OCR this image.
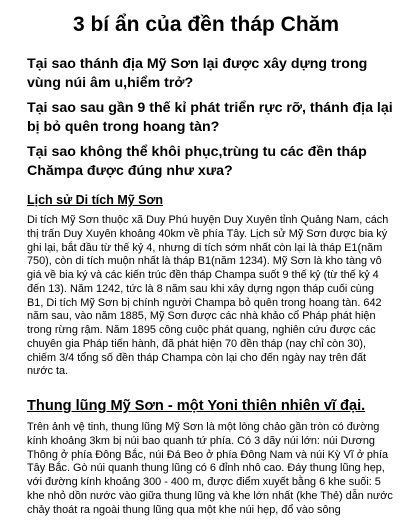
3 bí ẩn của đền tháp Chăm

Tại sao thánh địa Mỹ Sơn lại được xây dựng trong vùng núi âm u,hiểm trở?

Tại sao sau gần 9 thế kỉ phát triển rực rỡ, thánh địa lại bị bỏ quên trong hoang tàn?

Tại sao không thể khôi phục,trùng tu các đền tháp Chămpa được đúng như xưa?

Lịch sử Di tích Mỹ Sơn
Di tích Mỹ Sơn thuộc xã Duy Phú huyện Duy Xuyên tỉnh Quảng Nam, cách thị trấn Duy Xuyên khoảng 40km về phía Tây. Lịch sử Mỹ Sơn được bia ký ghi lại, bắt đầu từ thế kỷ 4, nhưng di tích sớm nhất còn lại là tháp E1(năm 750), còn di tích muộn nhất là tháp B1(năm 1234). Mỹ Sơn là kho tàng vô giá về bia ký và các kiến trúc đền tháp Champa suốt 9 thế kỷ (từ thế kỷ 4 đến 13). Năm 1242, tức là 8 năm sau khi xây dựng ngọn tháp cuối cùng B1, Di tích Mỹ Sơn bị chính người Champa bỏ quên trong hoang tàn. 642 năm sau, vào năm 1885, Mỹ Sơn được các nhà khảo cổ Pháp phát hiện trong rừng rậm. Năm 1895 công cuộc phát quang, nghiên cứu được các chuyên gia Pháp tiến hành, đã phát hiện 70 đền tháp (nay chỉ còn 30), chiếm 3/4 tổng số đền tháp Champa còn lại cho đến ngày nay trên đất nước ta.
Thung lũng Mỹ Sơn - một Yoni thiên nhiên vĩ đại.
Trên ảnh vệ tinh, thung lũng Mỹ Sơn là một lòng chảo gần tròn có đường kính khoảng 3km bị núi bao quanh tứ phía. Có 3 dãy núi lớn: núi Dương Thông ở phía Đông Bắc, núi Đá Beo ở phía Đông Nam và núi Kỳ Vĩ ở phía Tây Bắc. Gò núi quanh thung lũng có 6 đỉnh nhô cao. Đáy thung lũng hẹp, với đường kính khoảng 300 - 400 m, được điểm xuyết bằng 6 khe suối: 5 khe nhỏ dồn nước vào giữa thung lũng và khe lớn nhất (khe Thẻ) dẫn nước chảy thoát ra ngoài thung lũng qua một khe núi hẹp, đổ vào sông
